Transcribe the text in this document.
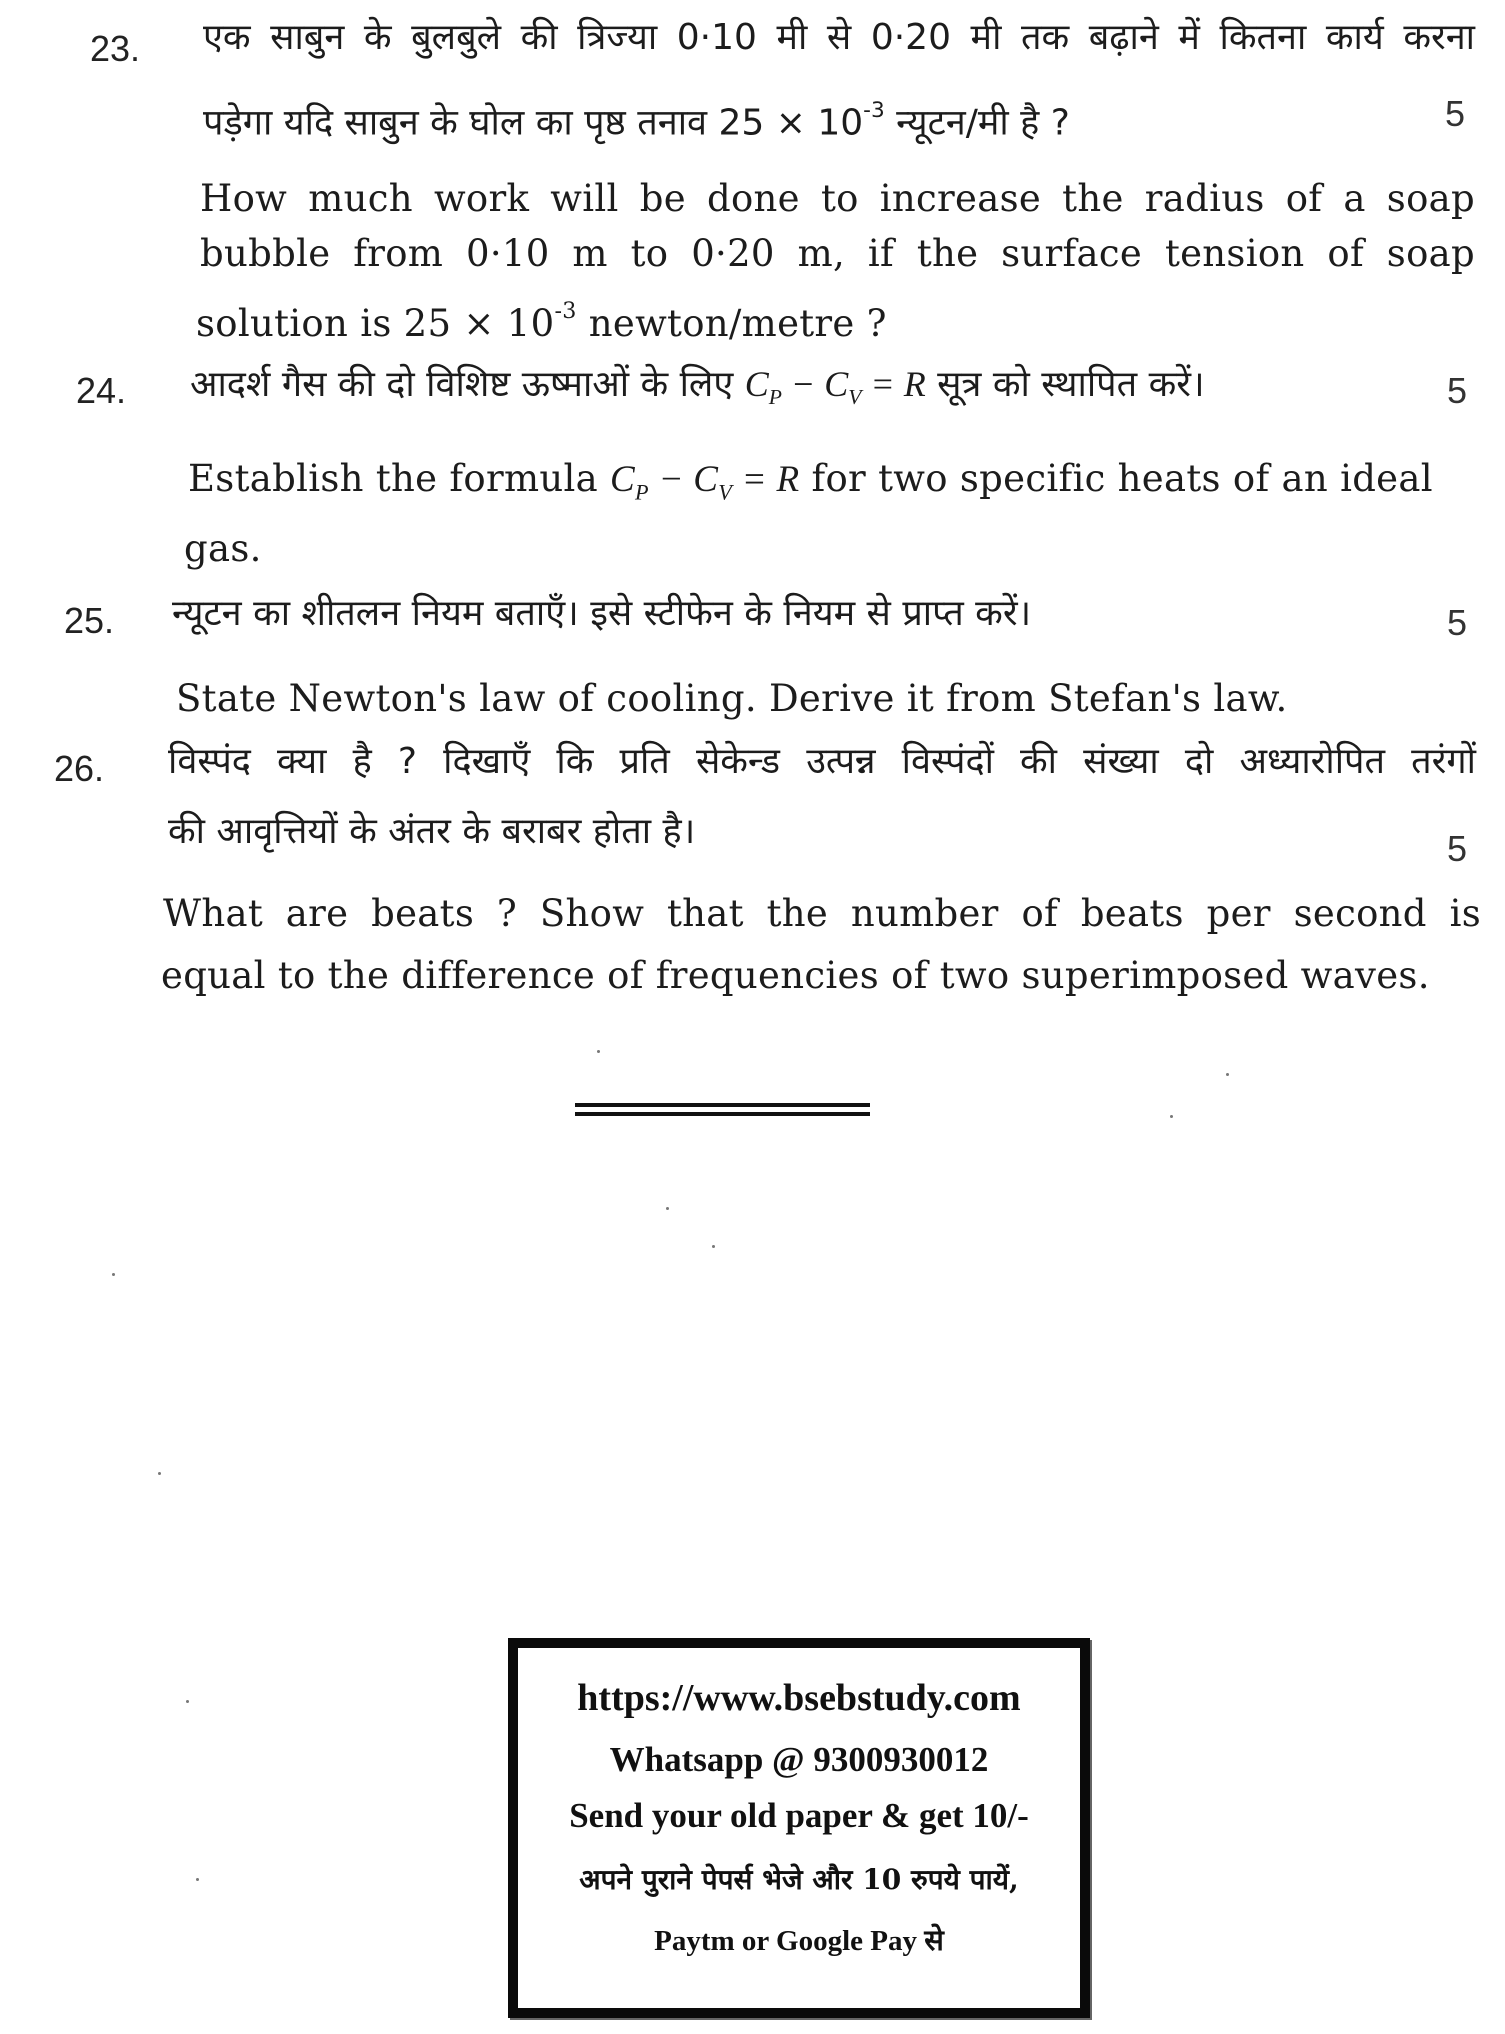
23. एक साबुन के बुलबुले की त्रिज्या 0·10 मी से 0·20 मी तक बढ़ाने में कितना कार्य करना
पड़ेगा यदि साबुन के घोल का पृष्ठ तनाव $25 \times 10^{-3}$ न्यूटन/मी है ?	5
How much work will be done to increase the radius of a soap
bubble from 0·10 m to 0·20 m, if the surface tension of soap
solution is $25 \times 10^{-3}$ newton/metre ?
24. आदर्श गैस की दो विशिष्ट ऊष्माओं के लिए $C_P - C_V = R$ सूत्र को स्थापित करें।	5
Establish the formula $C_P - C_V = R$ for two specific heats of an ideal
gas.
25. न्यूटन का शीतलन नियम बताएँ। इसे स्टीफेन के नियम से प्राप्त करें।	5
State Newton's law of cooling. Derive it from Stefan's law.
26. विस्पंद क्या है ? दिखाएँ कि प्रति सेकेन्ड उत्पन्न विस्पंदों की संख्या दो अध्यारोपित तरंगों
की आवृत्तियों के अंतर के बराबर होता है।	5
What are beats ? Show that the number of beats per second is
equal to the difference of frequencies of two superimposed waves.
https://www.bsebstudy.com
Whatsapp @ 9300930012
Send your old paper & get 10/-
अपने पुराने पेपर्स भेजे और 10 रुपये पायें,
Paytm or Google Pay से
